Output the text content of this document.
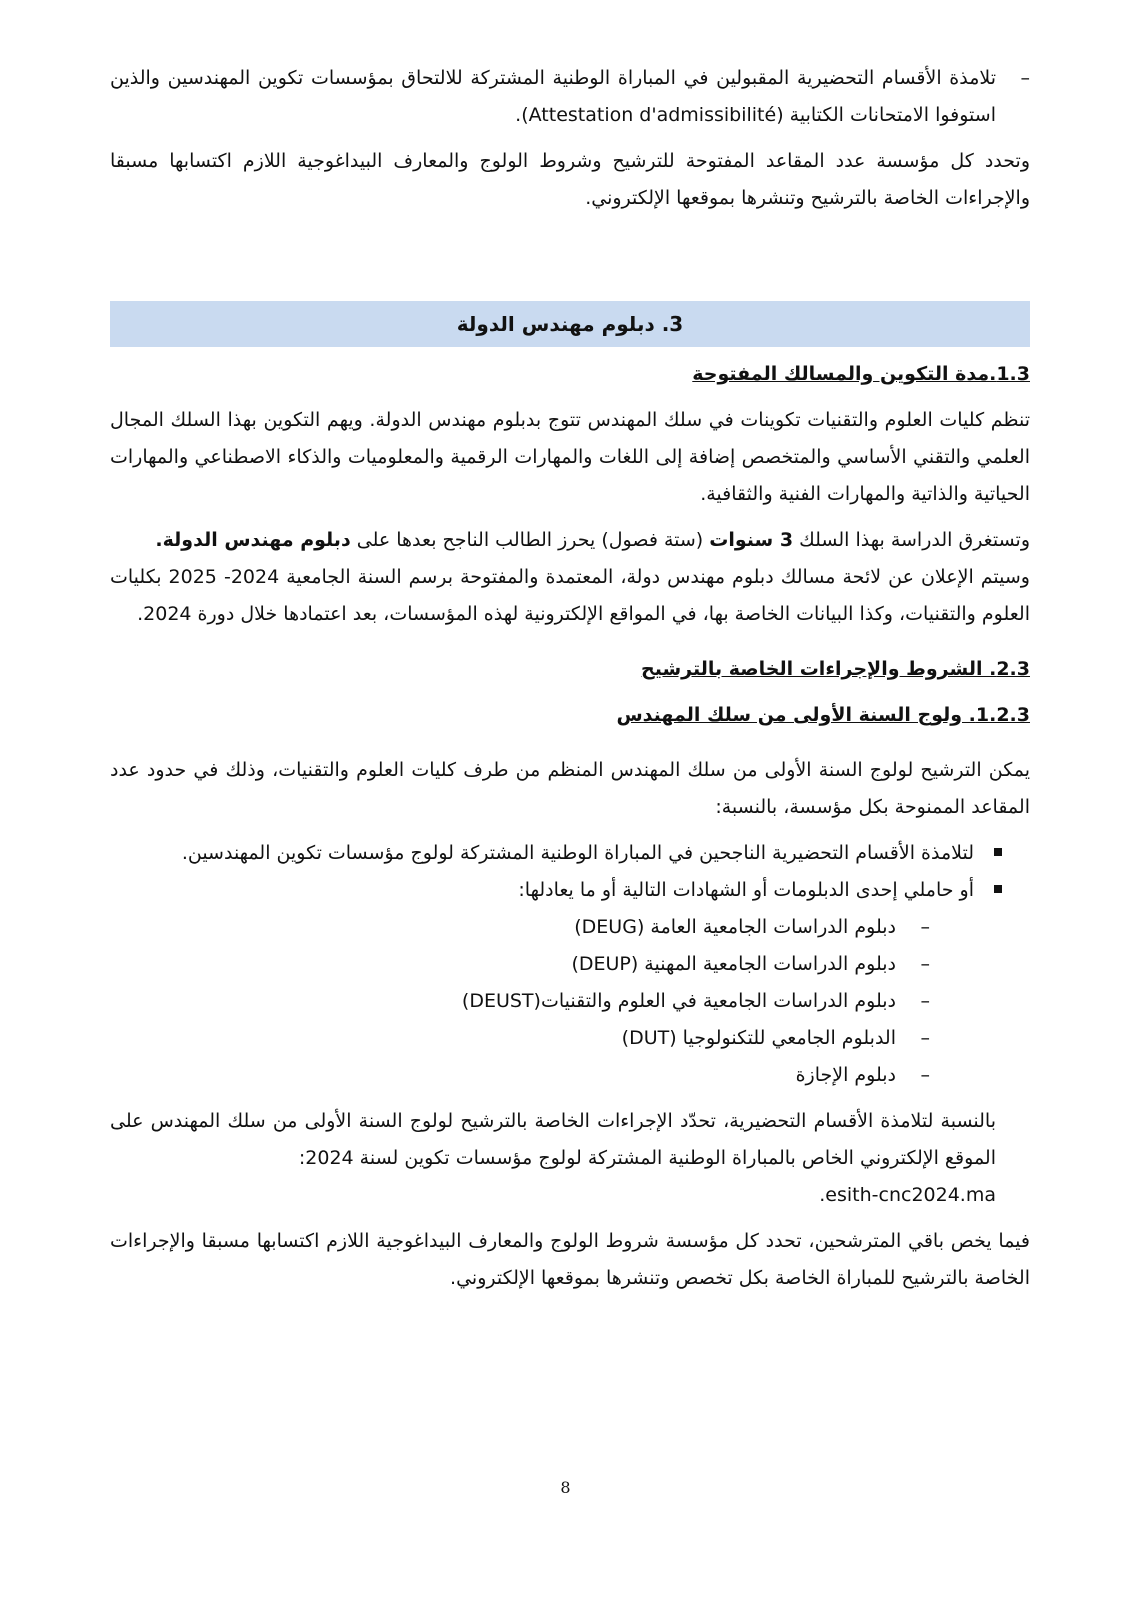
–

تلامذة الأقسام التحضيرية المقبولين في المباراة الوطنية المشتركة للالتحاق بمؤسسات تكوين المهندسين والذين استوفوا الامتحانات الكتابية (Attestation d'admissibilité).

وتحدد كل مؤسسة عدد المقاعد المفتوحة للترشيح وشروط الولوج والمعارف البيداغوجية اللازم اكتسابها مسبقا والإجراءات الخاصة بالترشيح وتنشرها بموقعها الإلكتروني.

3. دبلوم مهندس الدولة

1.3.مدة التكوين والمسالك المفتوحة

تنظم كليات العلوم والتقنيات تكوينات في سلك المهندس تتوج بدبلوم مهندس الدولة. ويهم التكوين بهذا السلك المجال العلمي والتقني الأساسي والمتخصص إضافة إلى اللغات والمهارات الرقمية والمعلوميات والذكاء الاصطناعي والمهارات الحياتية والذاتية والمهارات الفنية والثقافية.

وتستغرق الدراسة بهذا السلك 3 سنوات (ستة فصول) يحرز الطالب الناجح بعدها على دبلوم مهندس الدولة.

وسيتم الإعلان عن لائحة مسالك دبلوم مهندس دولة، المعتمدة والمفتوحة برسم السنة الجامعية 2024- 2025 بكليات العلوم والتقنيات، وكذا البيانات الخاصة بها، في المواقع الإلكترونية لهذه المؤسسات، بعد اعتمادها خلال دورة 2024.

2.3. الشروط والإجراءات الخاصة بالترشيح

1.2.3. ولوج السنة الأولى من سلك المهندس

يمكن الترشيح لولوج السنة الأولى من سلك المهندس المنظم من طرف كليات العلوم والتقنيات، وذلك في حدود عدد المقاعد الممنوحة بكل مؤسسة، بالنسبة:

لتلامذة الأقسام التحضيرية الناجحين في المباراة الوطنية المشتركة لولوج مؤسسات تكوين المهندسين.
أو حاملي إحدى الدبلومات أو الشهادات التالية أو ما يعادلها:
–
دبلوم الدراسات الجامعية العامة (DEUG)
–
دبلوم الدراسات الجامعية المهنية (DEUP)
–
دبلوم الدراسات الجامعية في العلوم والتقنيات(DEUST)
–
الدبلوم الجامعي للتكنولوجيا (DUT)
–
دبلوم الإجازة

بالنسبة لتلامذة الأقسام التحضيرية، تحدّد الإجراءات الخاصة بالترشيح لولوج السنة الأولى من سلك المهندس على الموقع الإلكتروني الخاص بالمباراة الوطنية المشتركة لولوج مؤسسات تكوين لسنة 2024:

esith-cnc2024.ma.

فيما يخص باقي المترشحين، تحدد كل مؤسسة شروط الولوج والمعارف البيداغوجية اللازم اكتسابها مسبقا والإجراءات الخاصة بالترشيح للمباراة الخاصة بكل تخصص وتنشرها بموقعها الإلكتروني.

8
